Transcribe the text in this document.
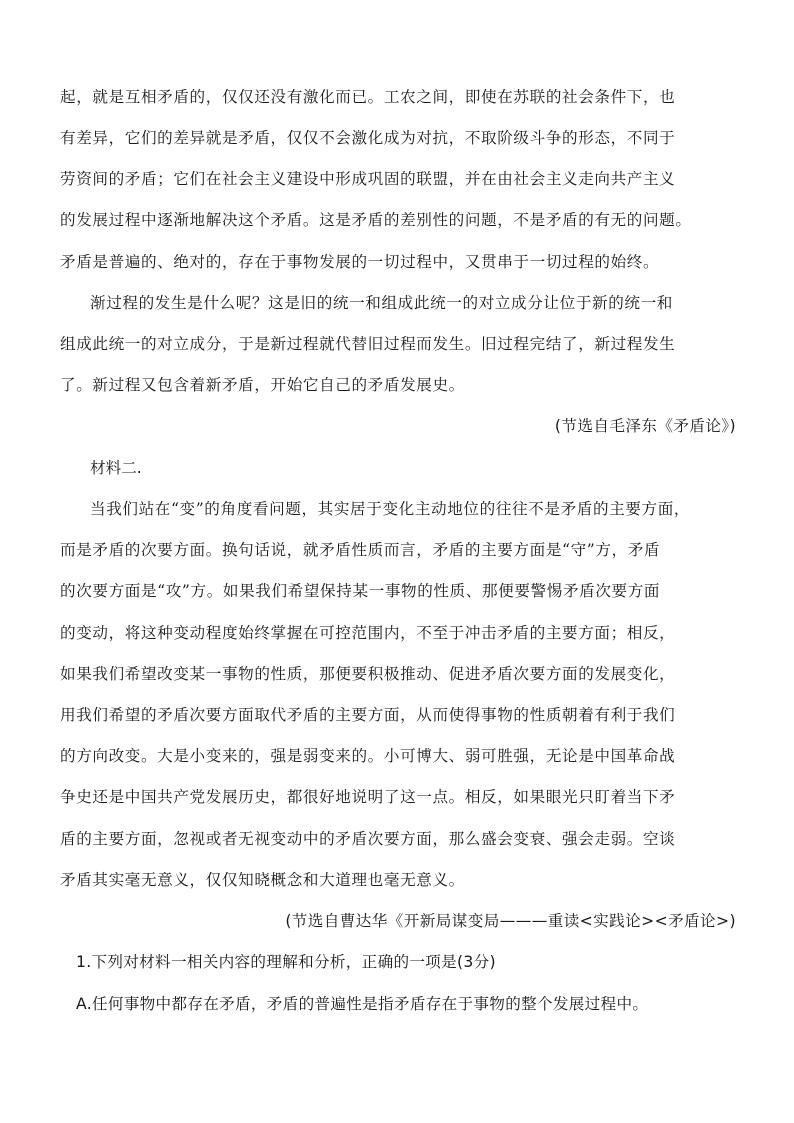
起，就是互相矛盾的，仅仅还没有激化而已。工农之间，即使在苏联的社会条件下，也
有差异，它们的差异就是矛盾，仅仅不会激化成为对抗，不取阶级斗争的形态，不同于
劳资间的矛盾；它们在社会主义建设中形成巩固的联盟，并在由社会主义走向共产主义
的发展过程中逐渐地解决这个矛盾。这是矛盾的差别性的问题，不是矛盾的有无的问题。
矛盾是普遍的、绝对的，存在于事物发展的一切过程中，又贯串于一切过程的始终。
渐过程的发生是什么呢？这是旧的统一和组成此统一的对立成分让位于新的统一和
组成此统一的对立成分，于是新过程就代替旧过程而发生。旧过程完结了，新过程发生
了。新过程又包含着新矛盾，开始它自己的矛盾发展史。
(节选自毛泽东《矛盾论》)
材料二.
当我们站在“变”的角度看问题，其实居于变化主动地位的往往不是矛盾的主要方面，
而是矛盾的次要方面。换句话说，就矛盾性质而言，矛盾的主要方面是“守”方，矛盾
的次要方面是“攻”方。如果我们希望保持某一事物的性质、那便要警惕矛盾次要方面
的变动，将这种变动程度始终掌握在可控范围内，不至于冲击矛盾的主要方面；相反，
如果我们希望改变某一事物的性质，那便要积极推动、促进矛盾次要方面的发展变化，
用我们希望的矛盾次要方面取代矛盾的主要方面，从而使得事物的性质朝着有利于我们
的方向改变。大是小变来的，强是弱变来的。小可博大、弱可胜强，无论是中国革命战
争史还是中国共产党发展历史，都很好地说明了这一点。相反，如果眼光只盯着当下矛
盾的主要方面，忽视或者无视变动中的矛盾次要方面，那么盛会变衰、强会走弱。空谈
矛盾其实毫无意义，仅仅知晓概念和大道理也毫无意义。
(节选自曹达华《开新局谋变局———重读<实践论><矛盾论>)
1.下列对材料一相关内容的理解和分析，正确的一项是(3分)
A.任何事物中都存在矛盾，矛盾的普遍性是指矛盾存在于事物的整个发展过程中。
